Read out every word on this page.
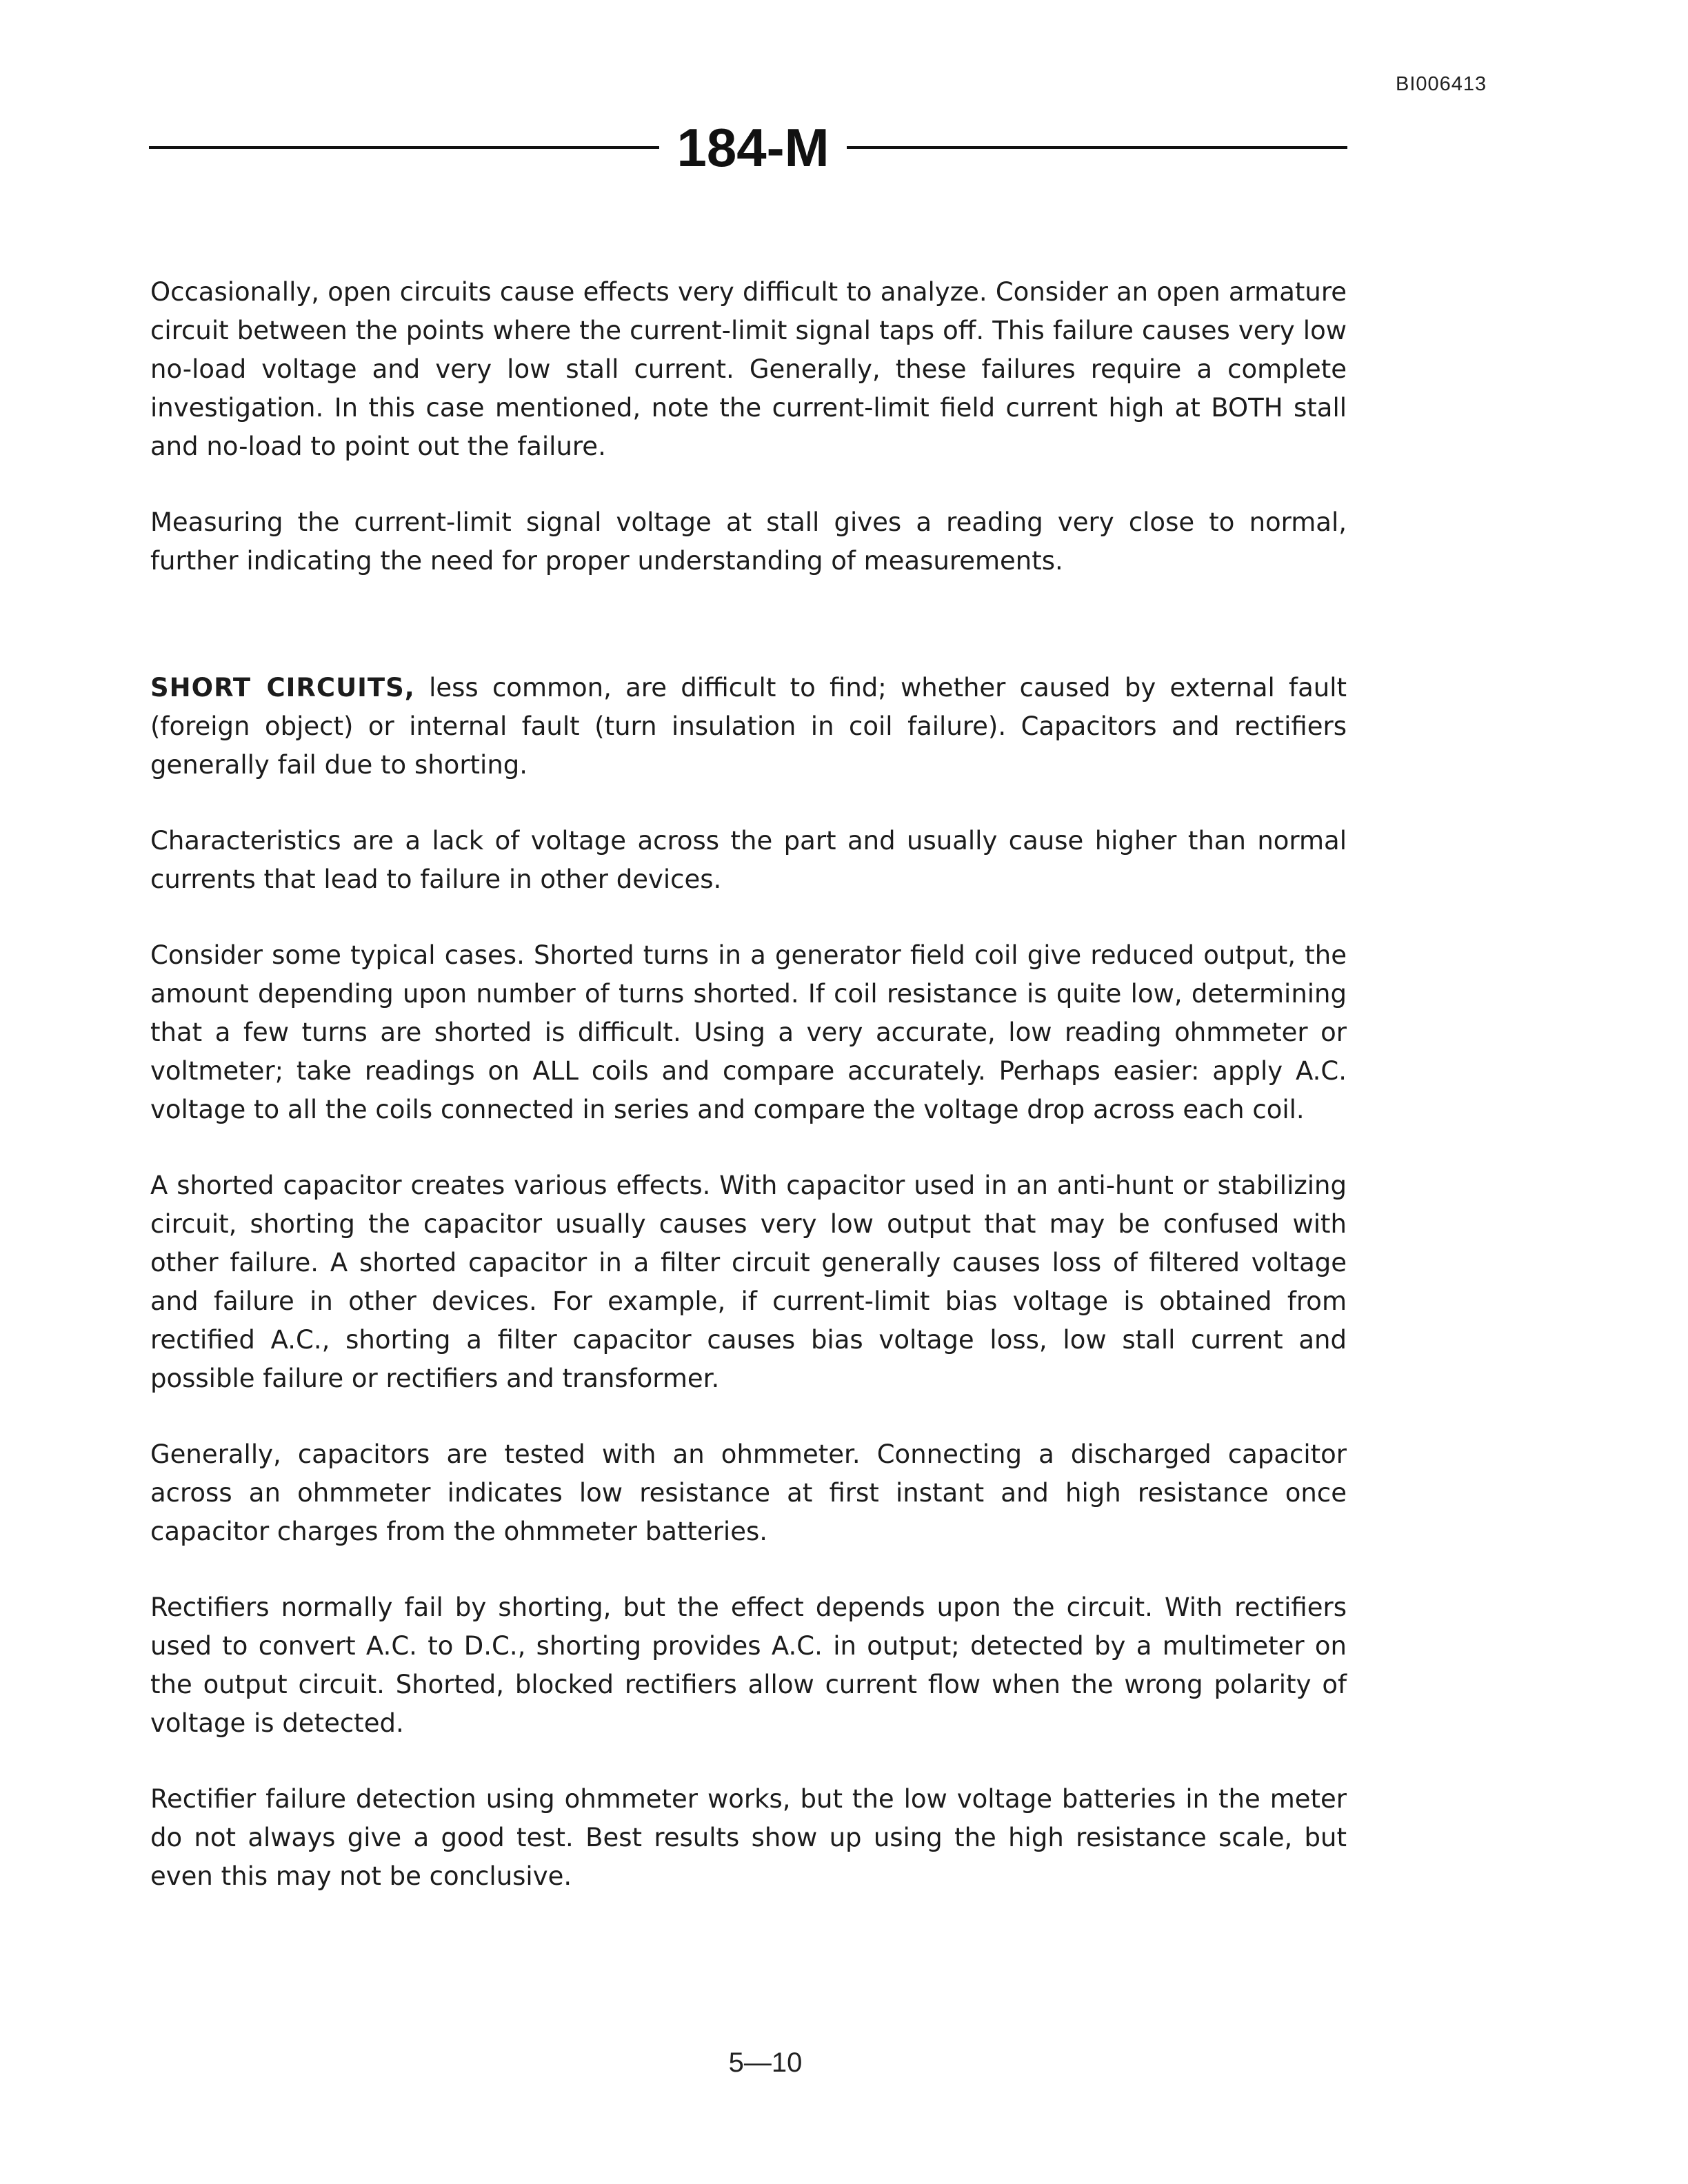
BI006413
184-M

Occasionally, open circuits cause effects very difficult to analyze. Consider an open armature circuit between the points where the current-limit signal taps off. This failure causes very low no-load voltage and very low stall current. Generally, these failures require a complete investigation. In this case mentioned, note the current-limit field current high at BOTH stall and no-load to point out the failure.

Measuring the current-limit signal voltage at stall gives a reading very close to normal, further indicating the need for proper understanding of measurements.

SHORT CIRCUITS, less common, are difficult to find; whether caused by external fault (foreign object) or internal fault (turn insulation in coil failure). Capacitors and rectifiers generally fail due to shorting.

Characteristics are a lack of voltage across the part and usually cause higher than normal currents that lead to failure in other devices.

Consider some typical cases. Shorted turns in a generator field coil give reduced output, the amount depending upon number of turns shorted. If coil resistance is quite low, determining that a few turns are shorted is difficult. Using a very accurate, low reading ohmmeter or voltmeter; take readings on ALL coils and compare accurately. Perhaps easier: apply A.C. voltage to all the coils connected in series and compare the voltage drop across each coil.

A shorted capacitor creates various effects. With capacitor used in an anti-hunt or stabilizing circuit, shorting the capacitor usually causes very low output that may be confused with other failure. A shorted capacitor in a filter circuit generally causes loss of filtered voltage and failure in other devices. For example, if current-limit bias voltage is obtained from rectified A.C., shorting a filter capacitor causes bias voltage loss, low stall current and possible failure or rectifiers and transformer.

Generally, capacitors are tested with an ohmmeter. Connecting a discharged capacitor across an ohmmeter indicates low resistance at first instant and high resistance once capacitor charges from the ohmmeter batteries.

Rectifiers normally fail by shorting, but the effect depends upon the circuit. With rectifiers used to convert A.C. to D.C., shorting provides A.C. in output; detected by a multimeter on the output circuit. Shorted, blocked rectifiers allow current flow when the wrong polarity of voltage is detected.

Rectifier failure detection using ohmmeter works, but the low voltage batteries in the meter do not always give a good test. Best results show up using the high resistance scale, but even this may not be conclusive.

5—10
